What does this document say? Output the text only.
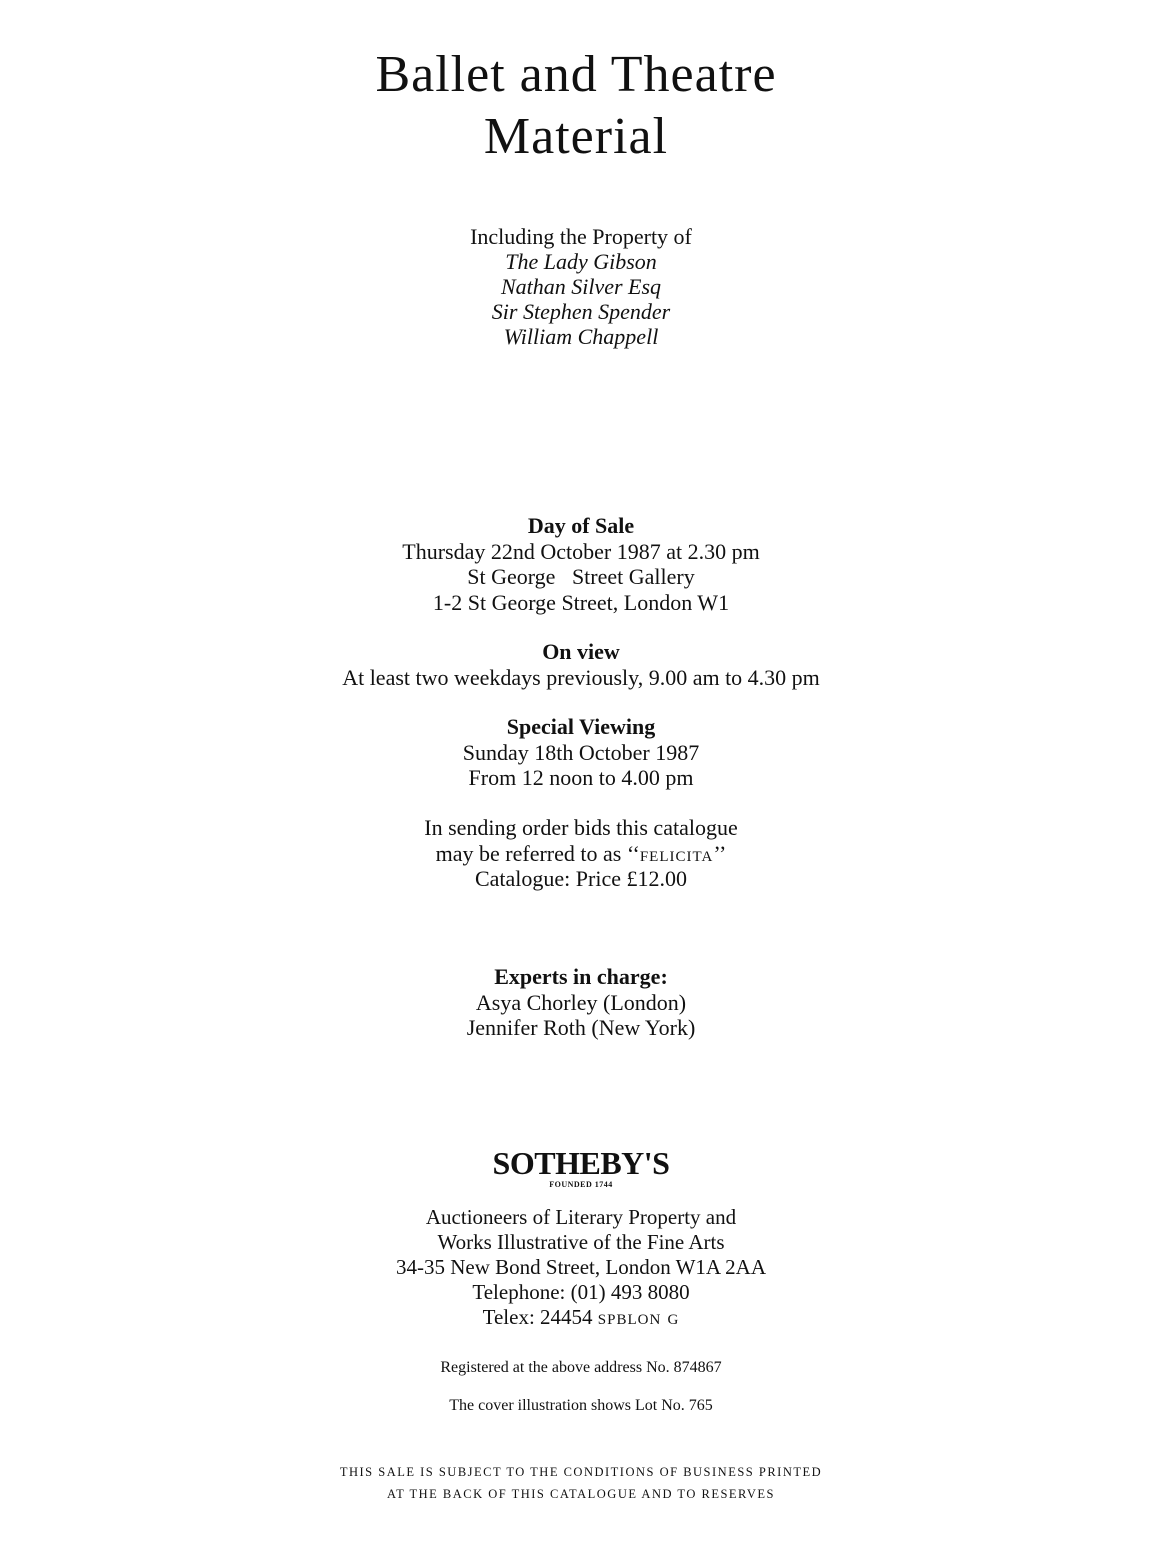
Ballet and Theatre
Material
Including the Property of
The Lady Gibson
Nathan Silver Esq
Sir Stephen Spender
William Chappell
Day of Sale
Thursday 22nd October 1987 at 2.30 pm
St George   Street Gallery
1-2 St George Street, London W1
On view
At least two weekdays previously, 9.00 am to 4.30 pm
Special Viewing
Sunday 18th October 1987
From 12 noon to 4.00 pm
In sending order bids this catalogue
may be referred to as ‘‘felicita’’
Catalogue: Price £12.00
Experts in charge:
Asya Chorley (London)
Jennifer Roth (New York)
SOTHEBY'S
FOUNDED 1744
Auctioneers of Literary Property and
Works Illustrative of the Fine Arts
34-35 New Bond Street, London W1A 2AA
Telephone: (01) 493 8080
Telex: 24454 spblon g
Registered at the above address No. 874867
The cover illustration shows Lot No. 765
THIS SALE IS SUBJECT TO THE CONDITIONS OF BUSINESS PRINTED
AT THE BACK OF THIS CATALOGUE AND TO RESERVES
